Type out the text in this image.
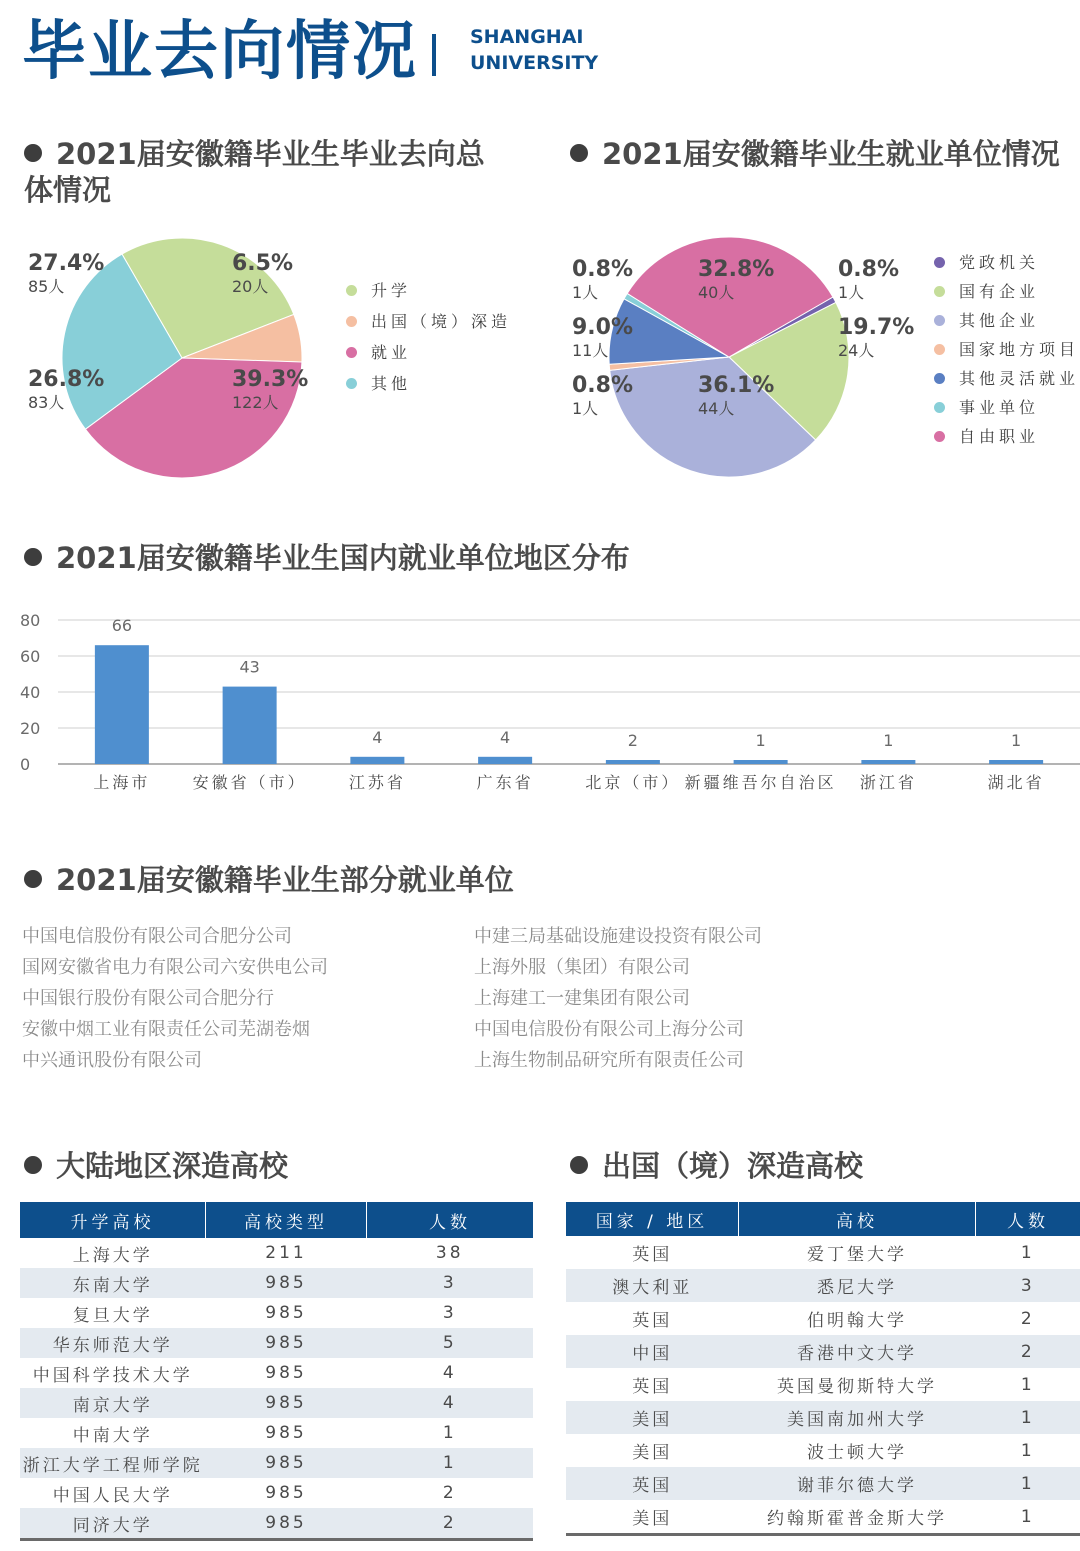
毕业去向情况	SHANGHAI
UNIVERSITY
2021届安徽籍毕业生毕业去向总体情况
27.4%
85人
6.5%
20人
39.3%
122人
26.8%
83人
升学
出国（境）深造
就业
其他
2021届安徽籍毕业生就业单位情况
0.8%
1人
19.7%
24人
36.1%
44人
0.8%
1人
9.0%
11人
0.8%
1人
32.8%
40人
党政机关
国有企业
其他企业
国家地方项目
其他灵活就业
事业单位
自由职业
2021届安徽籍毕业生国内就业单位地区分布
0
20
40
60
80	66
上海市
43
安徽省（市）
4
江苏省
4
广东省
2
北京（市）
1
新疆维吾尔自治区
1
浙江省
1
湖北省
2021届安徽籍毕业生部分就业单位
中国电信股份有限公司合肥分公司
国网安徽省电力有限公司六安供电公司
中国银行股份有限公司合肥分行
安徽中烟工业有限责任公司芜湖卷烟
中兴通讯股份有限公司
中建三局基础设施建设投资有限公司
上海外服（集团）有限公司
上海建工一建集团有限公司
中国电信股份有限公司上海分公司
上海生物制品研究所有限责任公司
大陆地区深造高校
升学高校	高校类型	人数
上海大学	211	38
东南大学	985	3
复旦大学	985	3
华东师范大学	985	5
中国科学技术大学	985	4
南京大学	985	4
中南大学	985	1
浙江大学工程师学院	985	1
中国人民大学	985	2
同济大学	985	2
出国（境）深造高校
国家 / 地区	高校	人数
英国	爱丁堡大学	1
澳大利亚	悉尼大学	3
英国	伯明翰大学	2
中国	香港中文大学	2
英国	英国曼彻斯特大学	1
美国	美国南加州大学	1
美国	波士顿大学	1
英国	谢菲尔德大学	1
美国	约翰斯霍普金斯大学	1
